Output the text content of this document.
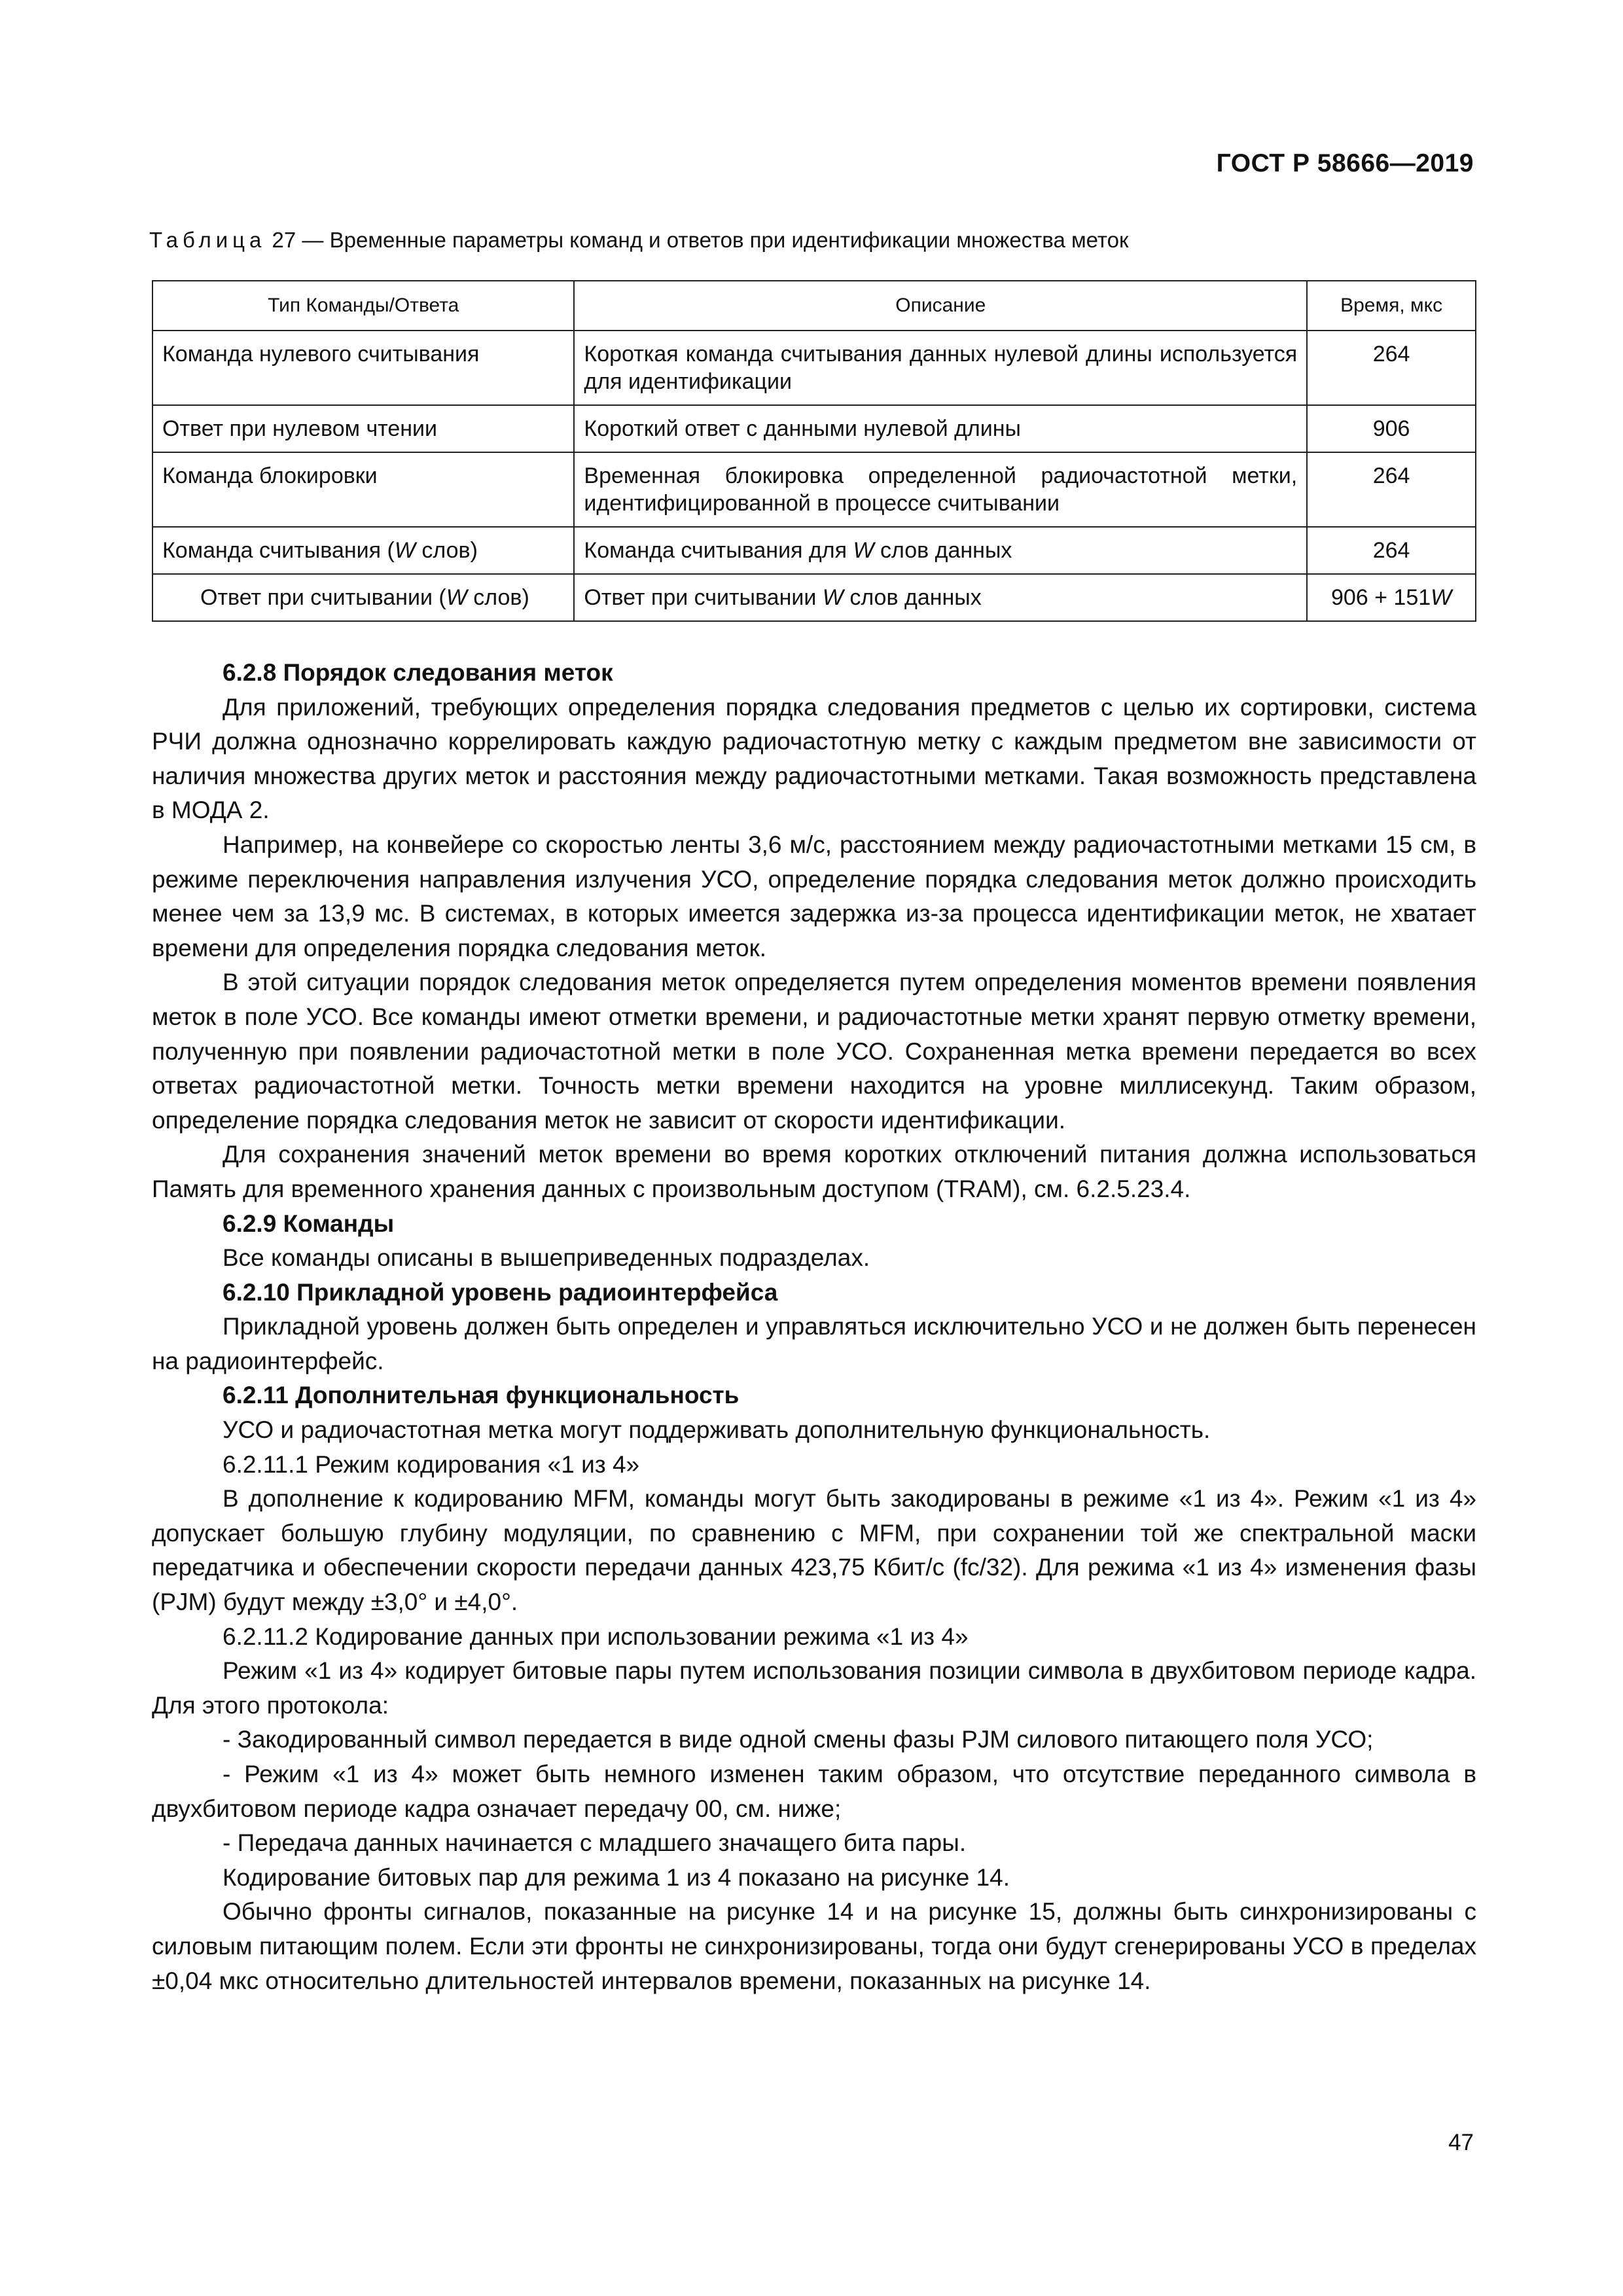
ГОСТ Р 58666—2019
Таблица 27 — Временные параметры команд и ответов при идентификации множества меток
Тип Команды/Ответа	Описание	Время, мкс
Команда нулевого считывания	Короткая команда считывания данных нулевой длины используется для идентификации	264
Ответ при нулевом чтении	Короткий ответ с данными нулевой длины	906
Команда блокировки	Временная блокировка определенной радиочастотной метки, идентифицированной в процессе считывании	264
Команда считывания (W слов)	Команда считывания для W слов данных	264
Ответ при считывании (W слов)	Ответ при считывании W слов данных	906 + 151W

6.2.8 Порядок следования меток

Для приложений, требующих определения порядка следования предметов с целью их сортировки, система РЧИ должна однозначно коррелировать каждую радиочастотную метку с каждым предметом вне зависимости от наличия множества других меток и расстояния между радиочастотными метками. Такая возможность представлена в МОДА 2.

Например, на конвейере со скоростью ленты 3,6 м/с, расстоянием между радиочастотными метками 15 см, в режиме переключения направления излучения УСО, определение порядка следования меток должно происходить менее чем за 13,9 мс. В системах, в которых имеется задержка из-за процесса идентификации меток, не хватает времени для определения порядка следования меток.

В этой ситуации порядок следования меток определяется путем определения моментов времени появления меток в поле УСО. Все команды имеют отметки времени, и радиочастотные метки хранят первую отметку времени, полученную при появлении радиочастотной метки в поле УСО. Сохраненная метка времени передается во всех ответах радиочастотной метки. Точность метки времени находится на уровне миллисекунд. Таким образом, определение порядка следования меток не зависит от скорости идентификации.

Для сохранения значений меток времени во время коротких отключений питания должна использоваться Память для временного хранения данных с произвольным доступом (TRAM), см. 6.2.5.23.4.

6.2.9 Команды

Все команды описаны в вышеприведенных подразделах.

6.2.10 Прикладной уровень радиоинтерфейса

Прикладной уровень должен быть определен и управляться исключительно УСО и не должен быть перенесен на радиоинтерфейс.

6.2.11 Дополнительная функциональность

УСО и радиочастотная метка могут поддерживать дополнительную функциональность.

6.2.11.1 Режим кодирования «1 из 4»

В дополнение к кодированию MFM, команды могут быть закодированы в режиме «1 из 4». Режим «1 из 4» допускает большую глубину модуляции, по сравнению с MFM, при сохранении той же спектральной маски передатчика и обеспечении скорости передачи данных 423,75 Кбит/с (fc/32). Для режима «1 из 4» изменения фазы (PJM) будут между ±3,0° и ±4,0°.

6.2.11.2 Кодирование данных при использовании режима «1 из 4»

Режим «1 из 4» кодирует битовые пары путем использования позиции символа в двухбитовом периоде кадра. Для этого протокола:

- Закодированный символ передается в виде одной смены фазы PJM силового питающего поля УСО;

- Режим «1 из 4» может быть немного изменен таким образом, что отсутствие переданного символа в двухбитовом периоде кадра означает передачу 00, см. ниже;

- Передача данных начинается с младшего значащего бита пары.

Кодирование битовых пар для режима 1 из 4 показано на рисунке 14.

Обычно фронты сигналов, показанные на рисунке 14 и на рисунке 15, должны быть синхронизированы с силовым питающим полем. Если эти фронты не синхронизированы, тогда они будут сгенерированы УСО в пределах ±0,04 мкс относительно длительностей интервалов времени, показанных на рисунке 14.

47
